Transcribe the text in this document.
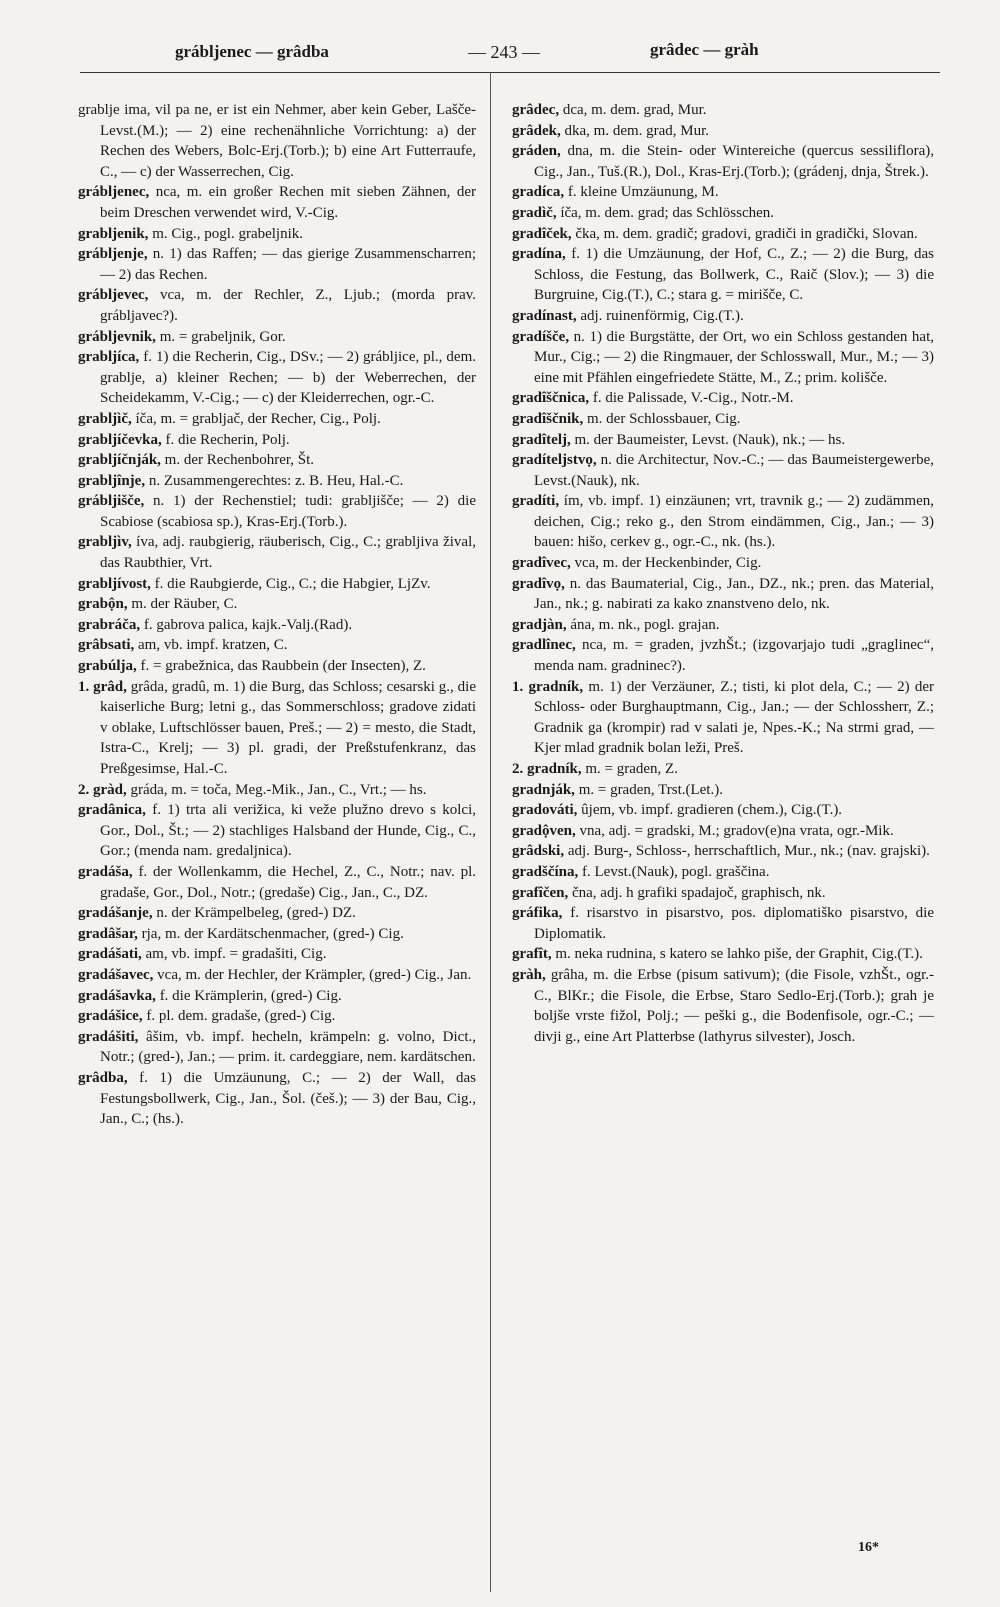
grábljenec — grâdba	— 243 —	grâdec — gràh

grablje ima, vil pa ne, er ist ein Nehmer, aber kein Geber, Lašče-Levst.(M.); — 2) eine rechenähnliche Vorrichtung: a) der Rechen des Webers, Bolc-Erj.(Torb.); b) eine Art Futterraufe, C., — c) der Wasserrechen, Cig.

grábljenec, nca, m. ein großer Rechen mit sieben Zähnen, der beim Dreschen verwendet wird, V.-Cig.

grabljenik, m. Cig., pogl. grabeljnik.

grábljenje, n. 1) das Raffen; — das gierige Zusammenscharren; — 2) das Rechen.

grábljevec, vca, m. der Rechler, Z., Ljub.; (morda prav. grábljavec?).

grábljevnik, m. = grabeljnik, Gor.

grabljíca, f. 1) die Recherin, Cig., DSv.; — 2) grábljice, pl., dem. grablje, a) kleiner Rechen; — b) der Weberrechen, der Scheidekamm, V.-Cig.; — c) der Kleiderrechen, ogr.-C.

grabljìč, íča, m. = grabljač, der Recher, Cig., Polj.

grabljíčevka, f. die Recherin, Polj.

grabljíčnják, m. der Rechenbohrer, Št.

grabljînje, n. Zusammengerechtes: z. B. Heu, Hal.-C.

grábljišče, n. 1) der Rechenstiel; tudi: grabljišče; — 2) die Scabiose (scabiosa sp.), Kras-Erj.(Torb.).

grabljìv, íva, adj. raubgierig, räuberisch, Cig., C.; grabljiva žival, das Raubthier, Vrt.

grabljívost, f. die Raubgierde, Cig., C.; die Habgier, LjZv.

grabộn, m. der Räuber, C.

grabráča, f. gabrova palica, kajk.-Valj.(Rad).

grâbsati, am, vb. impf. kratzen, C.

grabúlja, f. = grabežnica, das Raubbein (der Insecten), Z.

1. grâd, grâda, gradû, m. 1) die Burg, das Schloss; cesarski g., die kaiserliche Burg; letni g., das Sommerschloss; gradove zidati v oblake, Luftschlösser bauen, Preš.; — 2) = mesto, die Stadt, Istra-C., Krelj; — 3) pl. gradi, der Preßstufenkranz, das Preßgesimse, Hal.-C.

2. gràd, gráda, m. = toča, Meg.-Mik., Jan., C., Vrt.; — hs.

gradânica, f. 1) trta ali verižica, ki veže plužno drevo s kolci, Gor., Dol., Št.; — 2) stachliges Halsband der Hunde, Cig., C., Gor.; (menda nam. gredaljnica).

gradáša, f. der Wollenkamm, die Hechel, Z., C., Notr.; nav. pl. gradaše, Gor., Dol., Notr.; (gredaše) Cig., Jan., C., DZ.

gradášanje, n. der Krämpelbeleg, (gred-) DZ.

gradâšar, rja, m. der Kardätschenmacher, (gred-) Cig.

gradášati, am, vb. impf. = gradašiti, Cig.

gradášavec, vca, m. der Hechler, der Krämpler, (gred-) Cig., Jan.

gradášavka, f. die Krämplerin, (gred-) Cig.

gradášice, f. pl. dem. gradaše, (gred-) Cig.

gradášiti, âšim, vb. impf. hecheln, krämpeln: g. volno, Dict., Notr.; (gred-), Jan.; — prim. it. cardeggiare, nem. kardätschen.

grâdba, f. 1) die Umzäunung, C.; — 2) der Wall, das Festungsbollwerk, Cig., Jan., Šol. (češ.); — 3) der Bau, Cig., Jan., C.; (hs.).

grâdec, dca, m. dem. grad, Mur.

grâdek, dka, m. dem. grad, Mur.

gráden, dna, m. die Stein- oder Wintereiche (quercus sessiliflora), Cig., Jan., Tuš.(R.), Dol., Kras-Erj.(Torb.); (grádenj, dnja, Štrek.).

gradíca, f. kleine Umzäunung, M.

gradìč, íča, m. dem. grad; das Schlösschen.

gradîček, čka, m. dem. gradič; gradovi, gradiči in gradički, Slovan.

gradína, f. 1) die Umzäunung, der Hof, C., Z.; — 2) die Burg, das Schloss, die Festung, das Bollwerk, C., Raič (Slov.); — 3) die Burgruine, Cig.(T.), C.; stara g. = mirišče, C.

gradínast, adj. ruinenförmig, Cig.(T.).

gradíšče, n. 1) die Burgstätte, der Ort, wo ein Schloss gestanden hat, Mur., Cig.; — 2) die Ringmauer, der Schlosswall, Mur., M.; — 3) eine mit Pfählen eingefriedete Stätte, M., Z.; prim. kolišče.

gradîščnica, f. die Palissade, V.-Cig., Notr.-M.

gradîščnik, m. der Schlossbauer, Cig.

gradîtelj, m. der Baumeister, Levst. (Nauk), nk.; — hs.

gradíteljstvọ, n. die Architectur, Nov.-C.; — das Baumeistergewerbe, Levst.(Nauk), nk.

gradíti, ím, vb. impf. 1) einzäunen; vrt, travnik g.; — 2) zudämmen, deichen, Cig.; reko g., den Strom eindämmen, Cig., Jan.; — 3) bauen: hišo, cerkev g., ogr.-C., nk. (hs.).

gradîvec, vca, m. der Heckenbinder, Cig.

gradîvọ, n. das Baumaterial, Cig., Jan., DZ., nk.; pren. das Material, Jan., nk.; g. nabirati za kako znanstveno delo, nk.

gradjàn, ána, m. nk., pogl. grajan.

gradlînec, nca, m. = graden, jvzhŠt.; (izgovarjajo tudi „graglinec“, menda nam. gradninec?).

1. gradník, m. 1) der Verzäuner, Z.; tisti, ki plot dela, C.; — 2) der Schloss- oder Burghauptmann, Cig., Jan.; — der Schlossherr, Z.; Gradnik ga (krompir) rad v salati je, Npes.-K.; Na strmi grad, — Kjer mlad gradnik bolan leži, Preš.

2. gradník, m. = graden, Z.

gradnják, m. = graden, Trst.(Let.).

gradováti, ûjem, vb. impf. gradieren (chem.), Cig.(T.).

gradộven, vna, adj. = gradski, M.; gradov(e)na vrata, ogr.-Mik.

grâdski, adj. Burg-, Schloss-, herrschaftlich, Mur., nk.; (nav. grajski).

gradščína, f. Levst.(Nauk), pogl. graščina.

grafîčen, čna, adj. h grafiki spadajoč, graphisch, nk.

gráfika, f. risarstvo in pisarstvo, pos. diplomatiško pisarstvo, die Diplomatik.

grafît, m. neka rudnina, s katero se lahko piše, der Graphit, Cig.(T.).

gràh, grâha, m. die Erbse (pisum sativum); (die Fisole, vzhŠt., ogr.-C., BlKr.; die Fisole, die Erbse, Staro Sedlo-Erj.(Torb.); grah je boljše vrste fižol, Polj.; — peški g., die Bodenfisole, ogr.-C.; — divji g., eine Art Platterbse (lathyrus silvester), Josch.

16*
